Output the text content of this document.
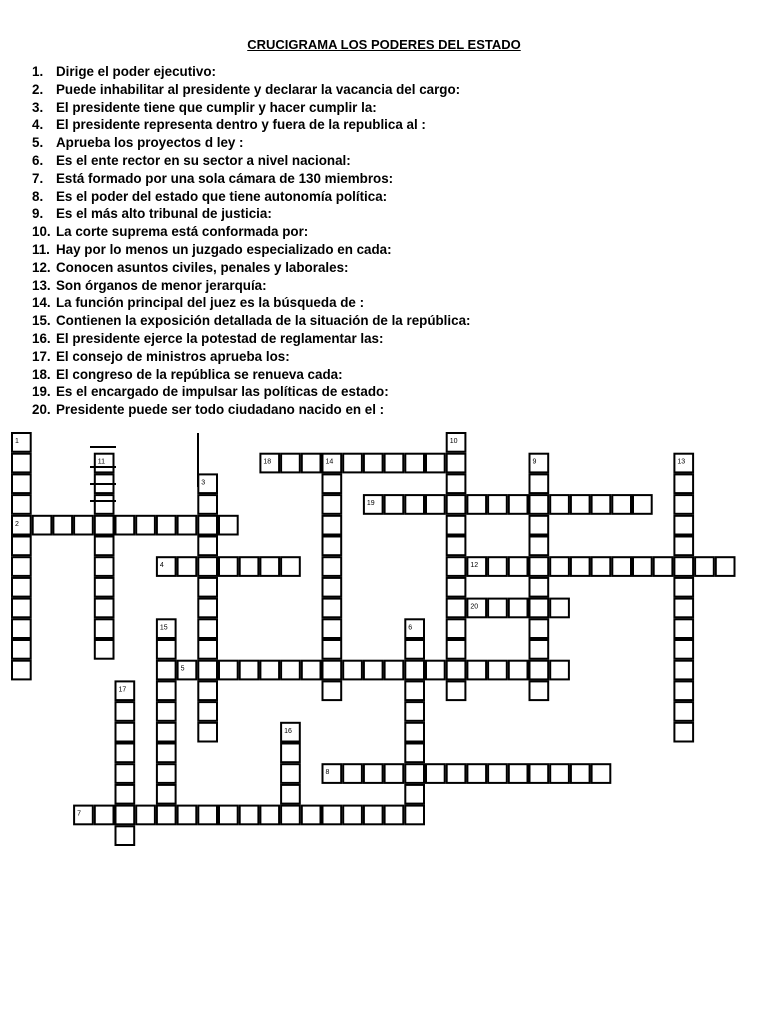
CRUCIGRAMA LOS PODERES DEL ESTADO
1. Dirige el poder ejecutivo:
2. Puede inhabilitar al presidente y declarar la vacancia del cargo:
3. El presidente tiene que cumplir y hacer cumplir la:
4. El presidente representa dentro y fuera de la republica al :
5. Aprueba los proyectos d ley :
6. Es el ente rector en su sector a nivel nacional:
7. Está formado por una sola cámara de 130 miembros:
8. Es el poder del estado que tiene autonomía política:
9. Es el más alto tribunal de justicia:
10. La corte suprema está conformada por:
11. Hay por lo menos un juzgado especializado en cada:
12. Conocen asuntos civiles, penales y laborales:
13. Son órganos de menor jerarquía:
14. La función principal del juez es la búsqueda de :
15. Contienen la exposición detallada de la situación de la república:
16. El presidente ejerce la potestad de reglamentar las:
17. El consejo de ministros aprueba los:
18. El congreso de la república se renueva cada:
19. Es el encargado de impulsar las políticas de estado:
20. Presidente puede ser todo ciudadano nacido en el :
1
2
3
4
5
6
7
8
9
10
11
12
13
14
15
16
17
18
19
20
